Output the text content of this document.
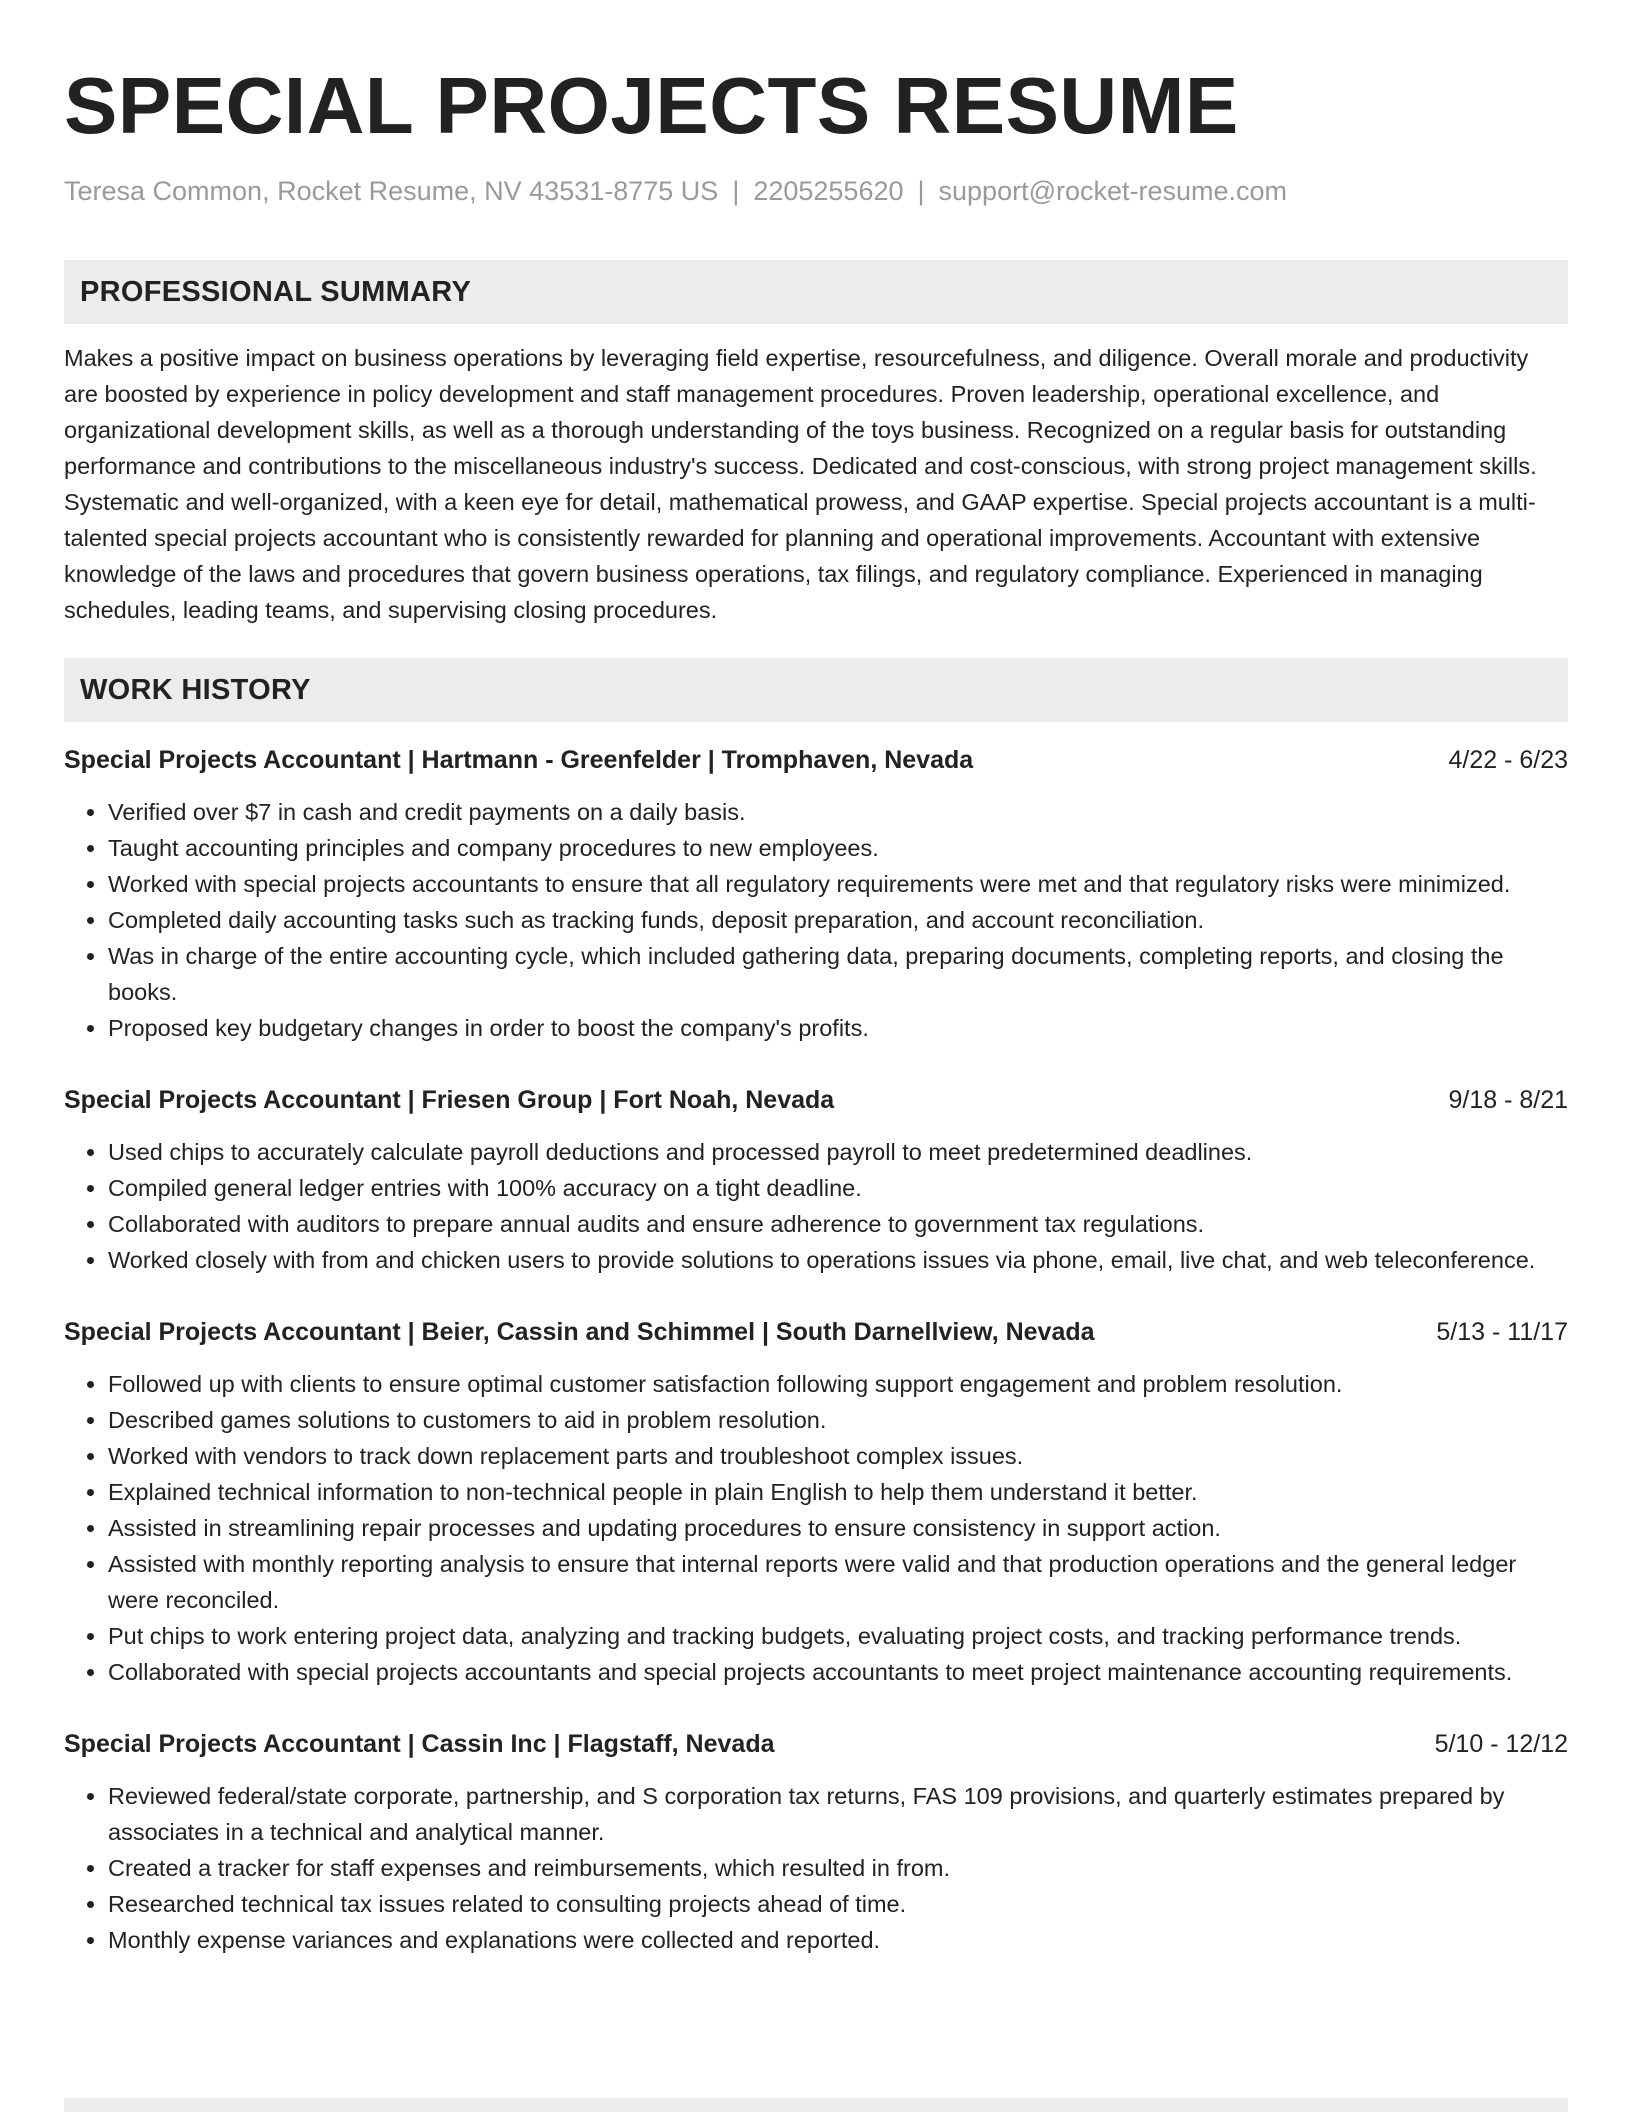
SPECIAL PROJECTS RESUME
Teresa Common, Rocket Resume, NV 43531-8775 US | 2205255620 | support@rocket-resume.com
PROFESSIONAL SUMMARY

Makes a positive impact on business operations by leveraging field expertise, resourcefulness, and diligence. Overall morale and productivity are boosted by experience in policy development and staff management procedures. Proven leadership, operational excellence, and organizational development skills, as well as a thorough understanding of the toys business. Recognized on a regular basis for outstanding performance and contributions to the miscellaneous industry's success. Dedicated and cost-conscious, with strong project management skills. Systematic and well-organized, with a keen eye for detail, mathematical prowess, and GAAP expertise. Special projects accountant is a multi-talented special projects accountant who is consistently rewarded for planning and operational improvements. Accountant with extensive knowledge of the laws and procedures that govern business operations, tax filings, and regulatory compliance. Experienced in managing schedules, leading teams, and supervising closing procedures.

WORK HISTORY
Special Projects Accountant | Hartmann - Greenfelder | Tromphaven, Nevada	4/22 - 6/23
• Verified over $7 in cash and credit payments on a daily basis.
• Taught accounting principles and company procedures to new employees.
• Worked with special projects accountants to ensure that all regulatory requirements were met and that regulatory risks were minimized.
• Completed daily accounting tasks such as tracking funds, deposit preparation, and account reconciliation.
• Was in charge of the entire accounting cycle, which included gathering data, preparing documents, completing reports, and closing the books.
• Proposed key budgetary changes in order to boost the company's profits.
Special Projects Accountant | Friesen Group | Fort Noah, Nevada	9/18 - 8/21
• Used chips to accurately calculate payroll deductions and processed payroll to meet predetermined deadlines.
• Compiled general ledger entries with 100% accuracy on a tight deadline.
• Collaborated with auditors to prepare annual audits and ensure adherence to government tax regulations.
• Worked closely with from and chicken users to provide solutions to operations issues via phone, email, live chat, and web teleconference.
Special Projects Accountant | Beier, Cassin and Schimmel | South Darnellview, Nevada	5/13 - 11/17
• Followed up with clients to ensure optimal customer satisfaction following support engagement and problem resolution.
• Described games solutions to customers to aid in problem resolution.
• Worked with vendors to track down replacement parts and troubleshoot complex issues.
• Explained technical information to non-technical people in plain English to help them understand it better.
• Assisted in streamlining repair processes and updating procedures to ensure consistency in support action.
• Assisted with monthly reporting analysis to ensure that internal reports were valid and that production operations and the general ledger were reconciled.
• Put chips to work entering project data, analyzing and tracking budgets, evaluating project costs, and tracking performance trends.
• Collaborated with special projects accountants and special projects accountants to meet project maintenance accounting requirements.
Special Projects Accountant | Cassin Inc | Flagstaff, Nevada	5/10 - 12/12
• Reviewed federal/state corporate, partnership, and S corporation tax returns, FAS 109 provisions, and quarterly estimates prepared by associates in a technical and analytical manner.
• Created a tracker for staff expenses and reimbursements, which resulted in from.
• Researched technical tax issues related to consulting projects ahead of time.
• Monthly expense variances and explanations were collected and reported.
